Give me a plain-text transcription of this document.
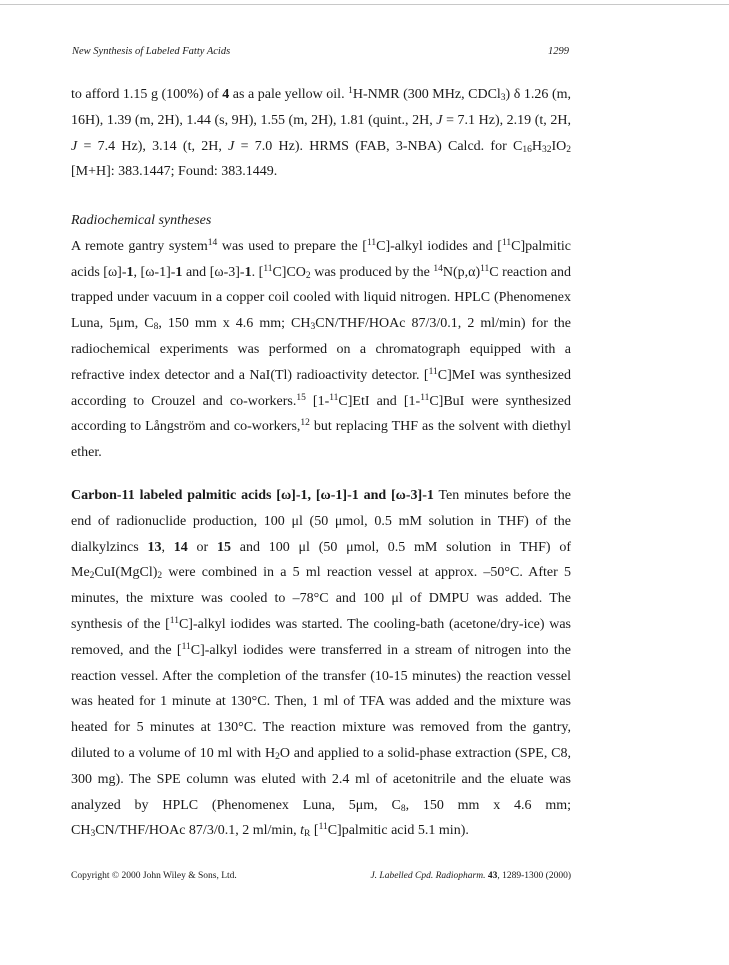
New Synthesis of Labeled Fatty Acids	1299

to afford 1.15 g (100%) of 4 as a pale yellow oil. $^1$H-NMR (300 MHz, CDCl$_3$) δ 1.26 (m, 16H), 1.39 (m, 2H), 1.44 (s, 9H), 1.55 (m, 2H), 1.81 (quint., 2H, J = 7.1 Hz), 2.19 (t, 2H, J = 7.4 Hz), 3.14 (t, 2H, J = 7.0 Hz). HRMS (FAB, 3-NBA) Calcd. for $C_{16}H_{32}IO_2$ [M+H]: 383.1447; Found: 383.1449.

Radiochemical syntheses

A remote gantry system$^{14}$ was used to prepare the [$^{11}$C]-alkyl iodides and [$^{11}$C]palmitic acids [ω]-1, [ω-1]-1 and [ω-3]-1. $[^{11}C]CO_2$ was produced by the $^{14}N(p,\alpha)^{11}C$ reaction and trapped under vacuum in a copper coil cooled with liquid nitrogen. HPLC (Phenomenex Luna, 5μm, $C_8$, 150 mm x 4.6 mm; $CH_3CN/THF$/HOAc 87/3/0.1, 2 ml/min) for the radiochemical experiments was performed on a chromatograph equipped with a refractive index detector and a NaI(Tl) radioactivity detector. [$^{11}$C]MeI was synthesized according to Crouzel and co-workers.$^{15}$ [1-$^{11}$C]EtI and [1-$^{11}$C]BuI were synthesized according to Långström and co-workers,$^{12}$ but replacing THF as the solvent with diethyl ether.

Carbon-11 labeled palmitic acids [ω]-1, [ω-1]-1 and [ω-3]-1 Ten minutes before the end of radionuclide production, 100 μl (50 μmol, 0.5 mM solution in THF) of the dialkylzincs 13, 14 or 15 and 100 μl (50 μmol, 0.5 mM solution in THF) of $Me_2CuI(MgCl)_2$ were combined in a 5 ml reaction vessel at approx. –50°C. After 5 minutes, the mixture was cooled to –78°C and 100 μl of DMPU was added. The synthesis of the [$^{11}$C]-alkyl iodides was started. The cooling-bath (acetone/dry-ice) was removed, and the [$^{11}$C]-alkyl iodides were transferred in a stream of nitrogen into the reaction vessel. After the completion of the transfer (10-15 minutes) the reaction vessel was heated for 1 minute at 130°C. Then, 1 ml of TFA was added and the mixture was heated for 5 minutes at 130°C. The reaction mixture was removed from the gantry, diluted to a volume of 10 ml with $H_2O$ and applied to a solid-phase extraction (SPE, C8, 300 mg). The SPE column was eluted with 2.4 ml of acetonitrile and the eluate was analyzed by HPLC (Phenomenex Luna, 5μm, $C_8$, 150 mm x 4.6 mm; $CH_3CN/THF$/HOAc 87/3/0.1, 2 ml/min, $t_R$ [$^{11}$C]palmitic acid 5.1 min).

Copyright © 2000 John Wiley & Sons, Ltd.	J. Labelled Cpd. Radiopharm. 43, 1289-1300 (2000)
